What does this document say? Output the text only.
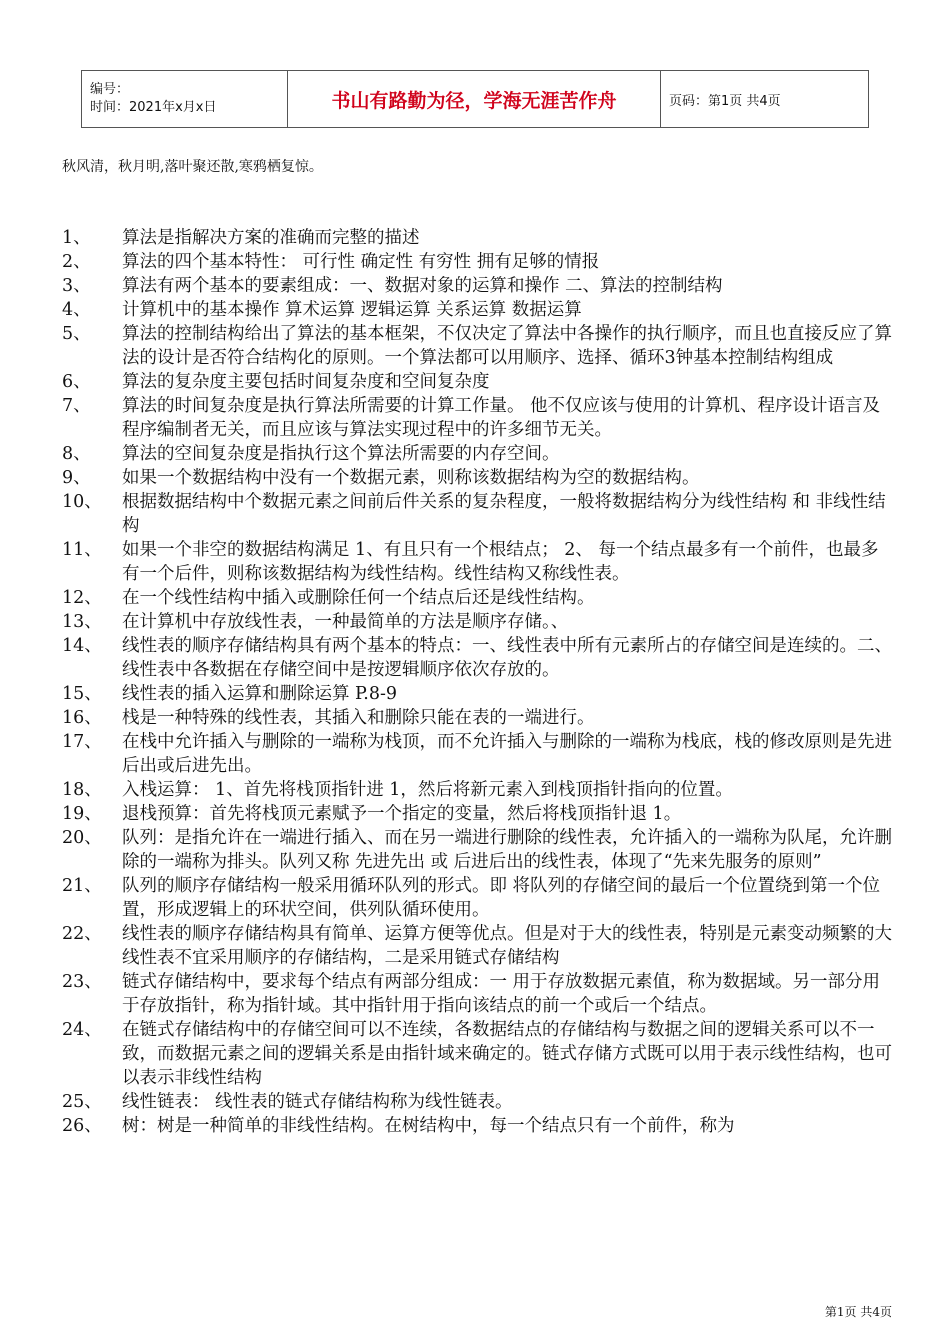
编号：
时间：2021年x月x日	书山有路勤为径，学海无涯苦作舟	页码：第1页 共4页
秋风清，秋月明,落叶聚还散,寒鸦栖复惊。
1、	算法是指解决方案的准确而完整的描述
2、	算法的四个基本特性： 可行性 确定性 有穷性 拥有足够的情报
3、	算法有两个基本的要素组成：一、数据对象的运算和操作 二、算法的控制结构
4、	计算机中的基本操作 算术运算 逻辑运算 关系运算 数据运算
5、	算法的控制结构给出了算法的基本框架，不仅决定了算法中各操作的执行顺序，而且也直接反应了算法的设计是否符合结构化的原则。一个算法都可以用顺序、选择、循环3钟基本控制结构组成
6、	算法的复杂度主要包括时间复杂度和空间复杂度
7、	算法的时间复杂度是执行算法所需要的计算工作量。 他不仅应该与使用的计算机、程序设计语言及程序编制者无关，而且应该与算法实现过程中的许多细节无关。
8、	算法的空间复杂度是指执行这个算法所需要的内存空间。
9、	如果一个数据结构中没有一个数据元素，则称该数据结构为空的数据结构。
10、	根据数据结构中个数据元素之间前后件关系的复杂程度，一般将数据结构分为线性结构 和 非线性结构
11、	如果一个非空的数据结构满足 1、有且只有一个根结点； 2、 每一个结点最多有一个前件，也最多有一个后件，则称该数据结构为线性结构。线性结构又称线性表。
12、	在一个线性结构中插入或删除任何一个结点后还是线性结构。
13、	在计算机中存放线性表，一种最简单的方法是顺序存储。、
14、	线性表的顺序存储结构具有两个基本的特点：一、线性表中所有元素所占的存储空间是连续的。二、线性表中各数据在存储空间中是按逻辑顺序依次存放的。
15、	线性表的插入运算和删除运算 P.8-9
16、	栈是一种特殊的线性表，其插入和删除只能在表的一端进行。
17、	在栈中允许插入与删除的一端称为栈顶，而不允许插入与删除的一端称为栈底，栈的修改原则是先进后出或后进先出。
18、	入栈运算： 1、首先将栈顶指针进 1，然后将新元素入到栈顶指针指向的位置。
19、	退栈预算：首先将栈顶元素赋予一个指定的变量，然后将栈顶指针退 1。
20、	队列：是指允许在一端进行插入、而在另一端进行删除的线性表，允许插入的一端称为队尾，允许删除的一端称为排头。队列又称 先进先出 或 后进后出的线性表，体现了“先来先服务的原则”
21、	队列的顺序存储结构一般采用循环队列的形式。即 将队列的存储空间的最后一个位置绕到第一个位置，形成逻辑上的环状空间，供列队循环使用。
22、	线性表的顺序存储结构具有简单、运算方便等优点。但是对于大的线性表，特别是元素变动频繁的大线性表不宜采用顺序的存储结构，二是采用链式存储结构
23、	链式存储结构中，要求每个结点有两部分组成：一 用于存放数据元素值，称为数据域。另一部分用于存放指针，称为指针域。其中指针用于指向该结点的前一个或后一个结点。
24、	在链式存储结构中的存储空间可以不连续，各数据结点的存储结构与数据之间的逻辑关系可以不一致，而数据元素之间的逻辑关系是由指针域来确定的。链式存储方式既可以用于表示线性结构，也可以表示非线性结构
25、	线性链表： 线性表的链式存储结构称为线性链表。
26、	树：树是一种简单的非线性结构。在树结构中，每一个结点只有一个前件，称为
第1页 共4页
